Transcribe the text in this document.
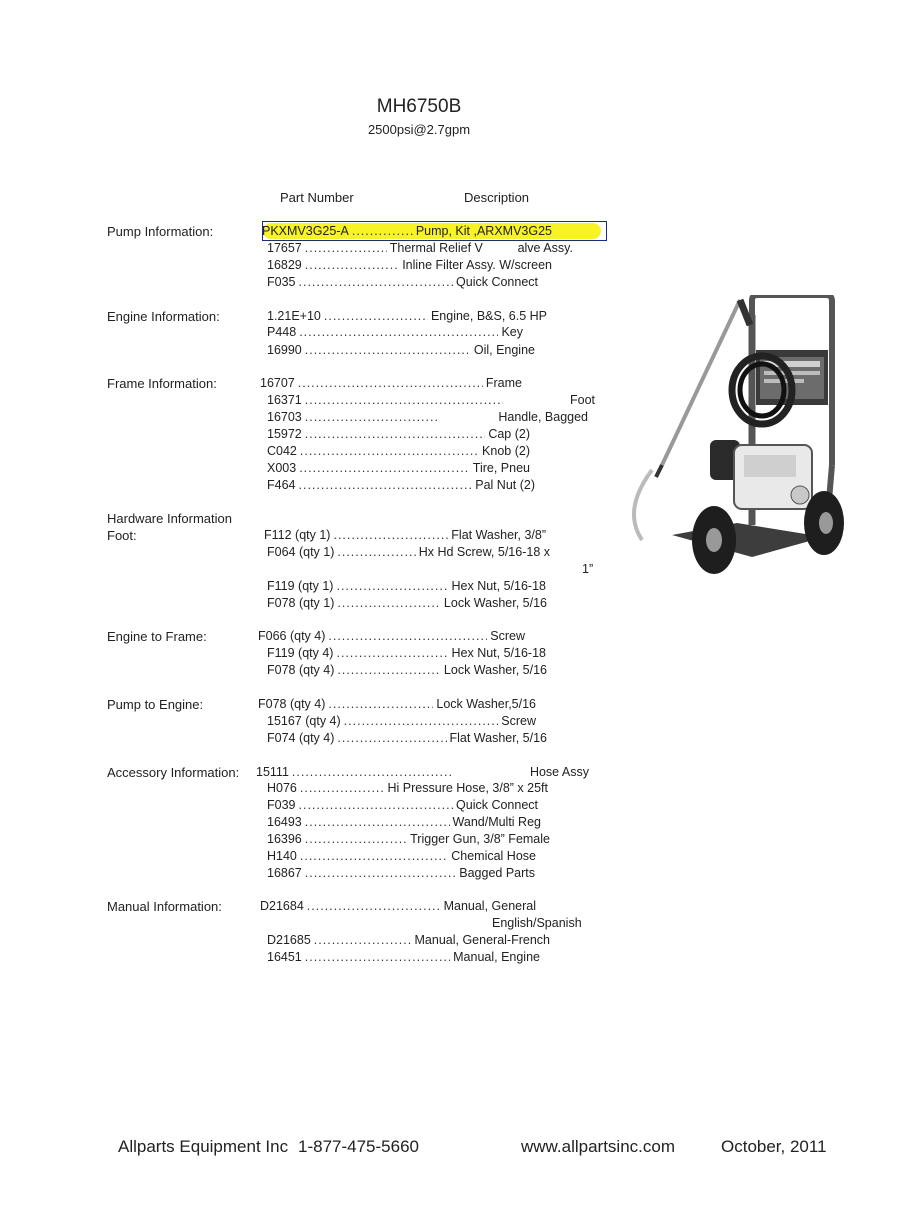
MH6750B
2500psi@2.7gpm
Part Number	Description
Pump Information:	PKXMV3G25-A .....	Pump, Kit ,ARXMV3G25
17657 .....	Thermal Relief V          alve Assy.
16829 .....	Inline Filter Assy. W/screen
F035 .....	Quick Connect
Engine Information:	1.21E+10 .....	Engine, B&S, 6.5 HP
P448 .....	Key
16990 .....	Oil, Engine
Frame Information:	16707 .....	Frame
16371 .....	Foot
16703 .....	Handle, Bagged
15972 .....	Cap (2)
C042 .....	Knob (2)
X003 .....	Tire, Pneu
F464 .....	Pal Nut (2)
Hardware Information
Foot:	F112 (qty 1) .....	Flat Washer, 3/8”
F064 (qty 1) .....	Hx Hd Screw, 5/16-18 x
1”
F119 (qty 1) .....	Hex Nut, 5/16-18
F078 (qty 1) .....	Lock Washer, 5/16
Engine to Frame:	F066 (qty 4) .....	Screw
F119 (qty 4) .....	Hex Nut, 5/16-18
F078 (qty 4) .....	Lock Washer, 5/16
Pump to Engine:	F078 (qty 4) .....	Lock Washer,5/16
15167 (qty 4) .....	Screw
F074 (qty 4) .....	Flat Washer, 5/16
Accessory Information: 15111 .....	Hose Assy
H076 .....	Hi Pressure Hose, 3/8” x 25ft
F039 .....	Quick Connect
16493 .....	Wand/Multi Reg
16396 .....	Trigger Gun, 3/8” Female
H140 .....	Chemical Hose
16867 .....	Bagged Parts
Manual Information:	D21684 .....	Manual, General
English/Spanish
D21685 .....	Manual, General-French
16451 .....	Manual, Engine
Allparts Equipment Inc 1-877-475-5660	www.allpartsinc.com	October, 2011
